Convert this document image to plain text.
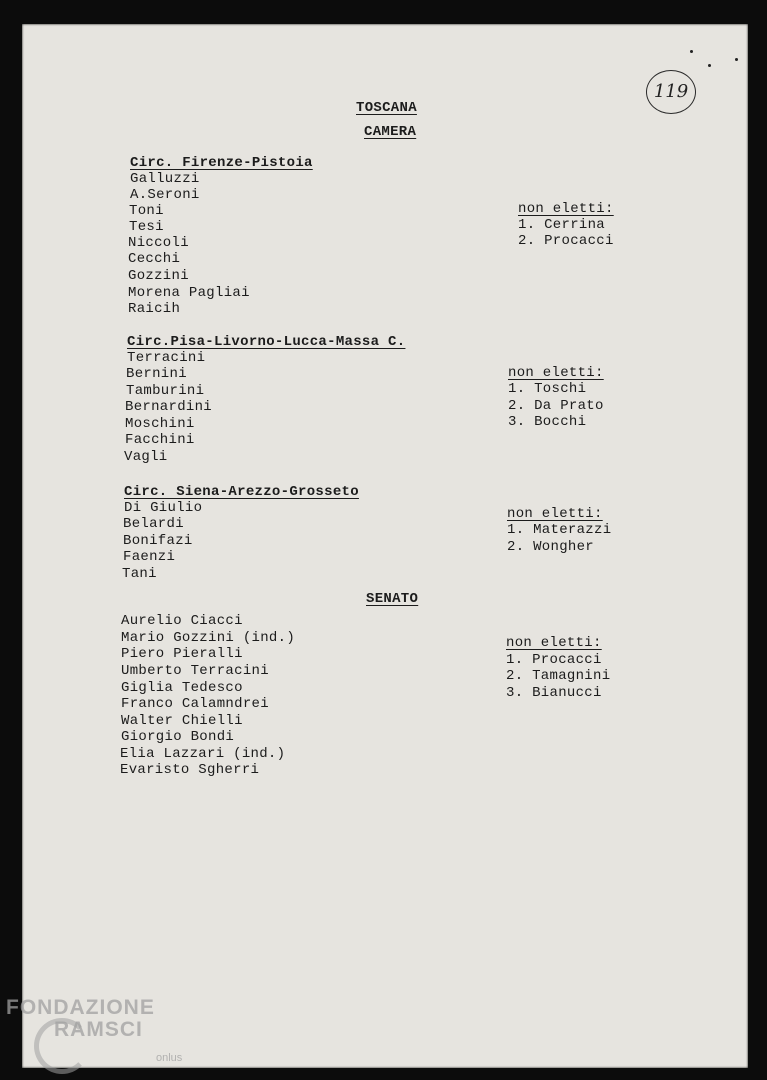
119
TOSCANA
CAMERA
Circ. Firenze-Pistoia
Galluzzi
A.Seroni
Toni
Tesi
Niccoli
Cecchi
Gozzini
Morena Pagliai
Raicih
non eletti:
1. Cerrina
2. Procacci
Circ.Pisa-Livorno-Lucca-Massa C.
Terracini
Bernini
Tamburini
Bernardini
Moschini
Facchini
Vagli
non eletti:
1. Toschi
2. Da Prato
3. Bocchi
Circ. Siena-Arezzo-Grosseto
Di Giulio
Belardi
Bonifazi
Faenzi
Tani
non eletti:
1. Materazzi
2. Wongher
SENATO
Aurelio Ciacci
Mario Gozzini (ind.)
Piero Pieralli
Umberto Terracini
Giglia Tedesco
Franco Calamndrei
Walter Chielli
Giorgio Bondi
Elia Lazzari (ind.)
Evaristo Sgherri
non eletti:
1. Procacci
2. Tamagnini
3. Bianucci
FONDAZIONE
RAMSCI
onlus
